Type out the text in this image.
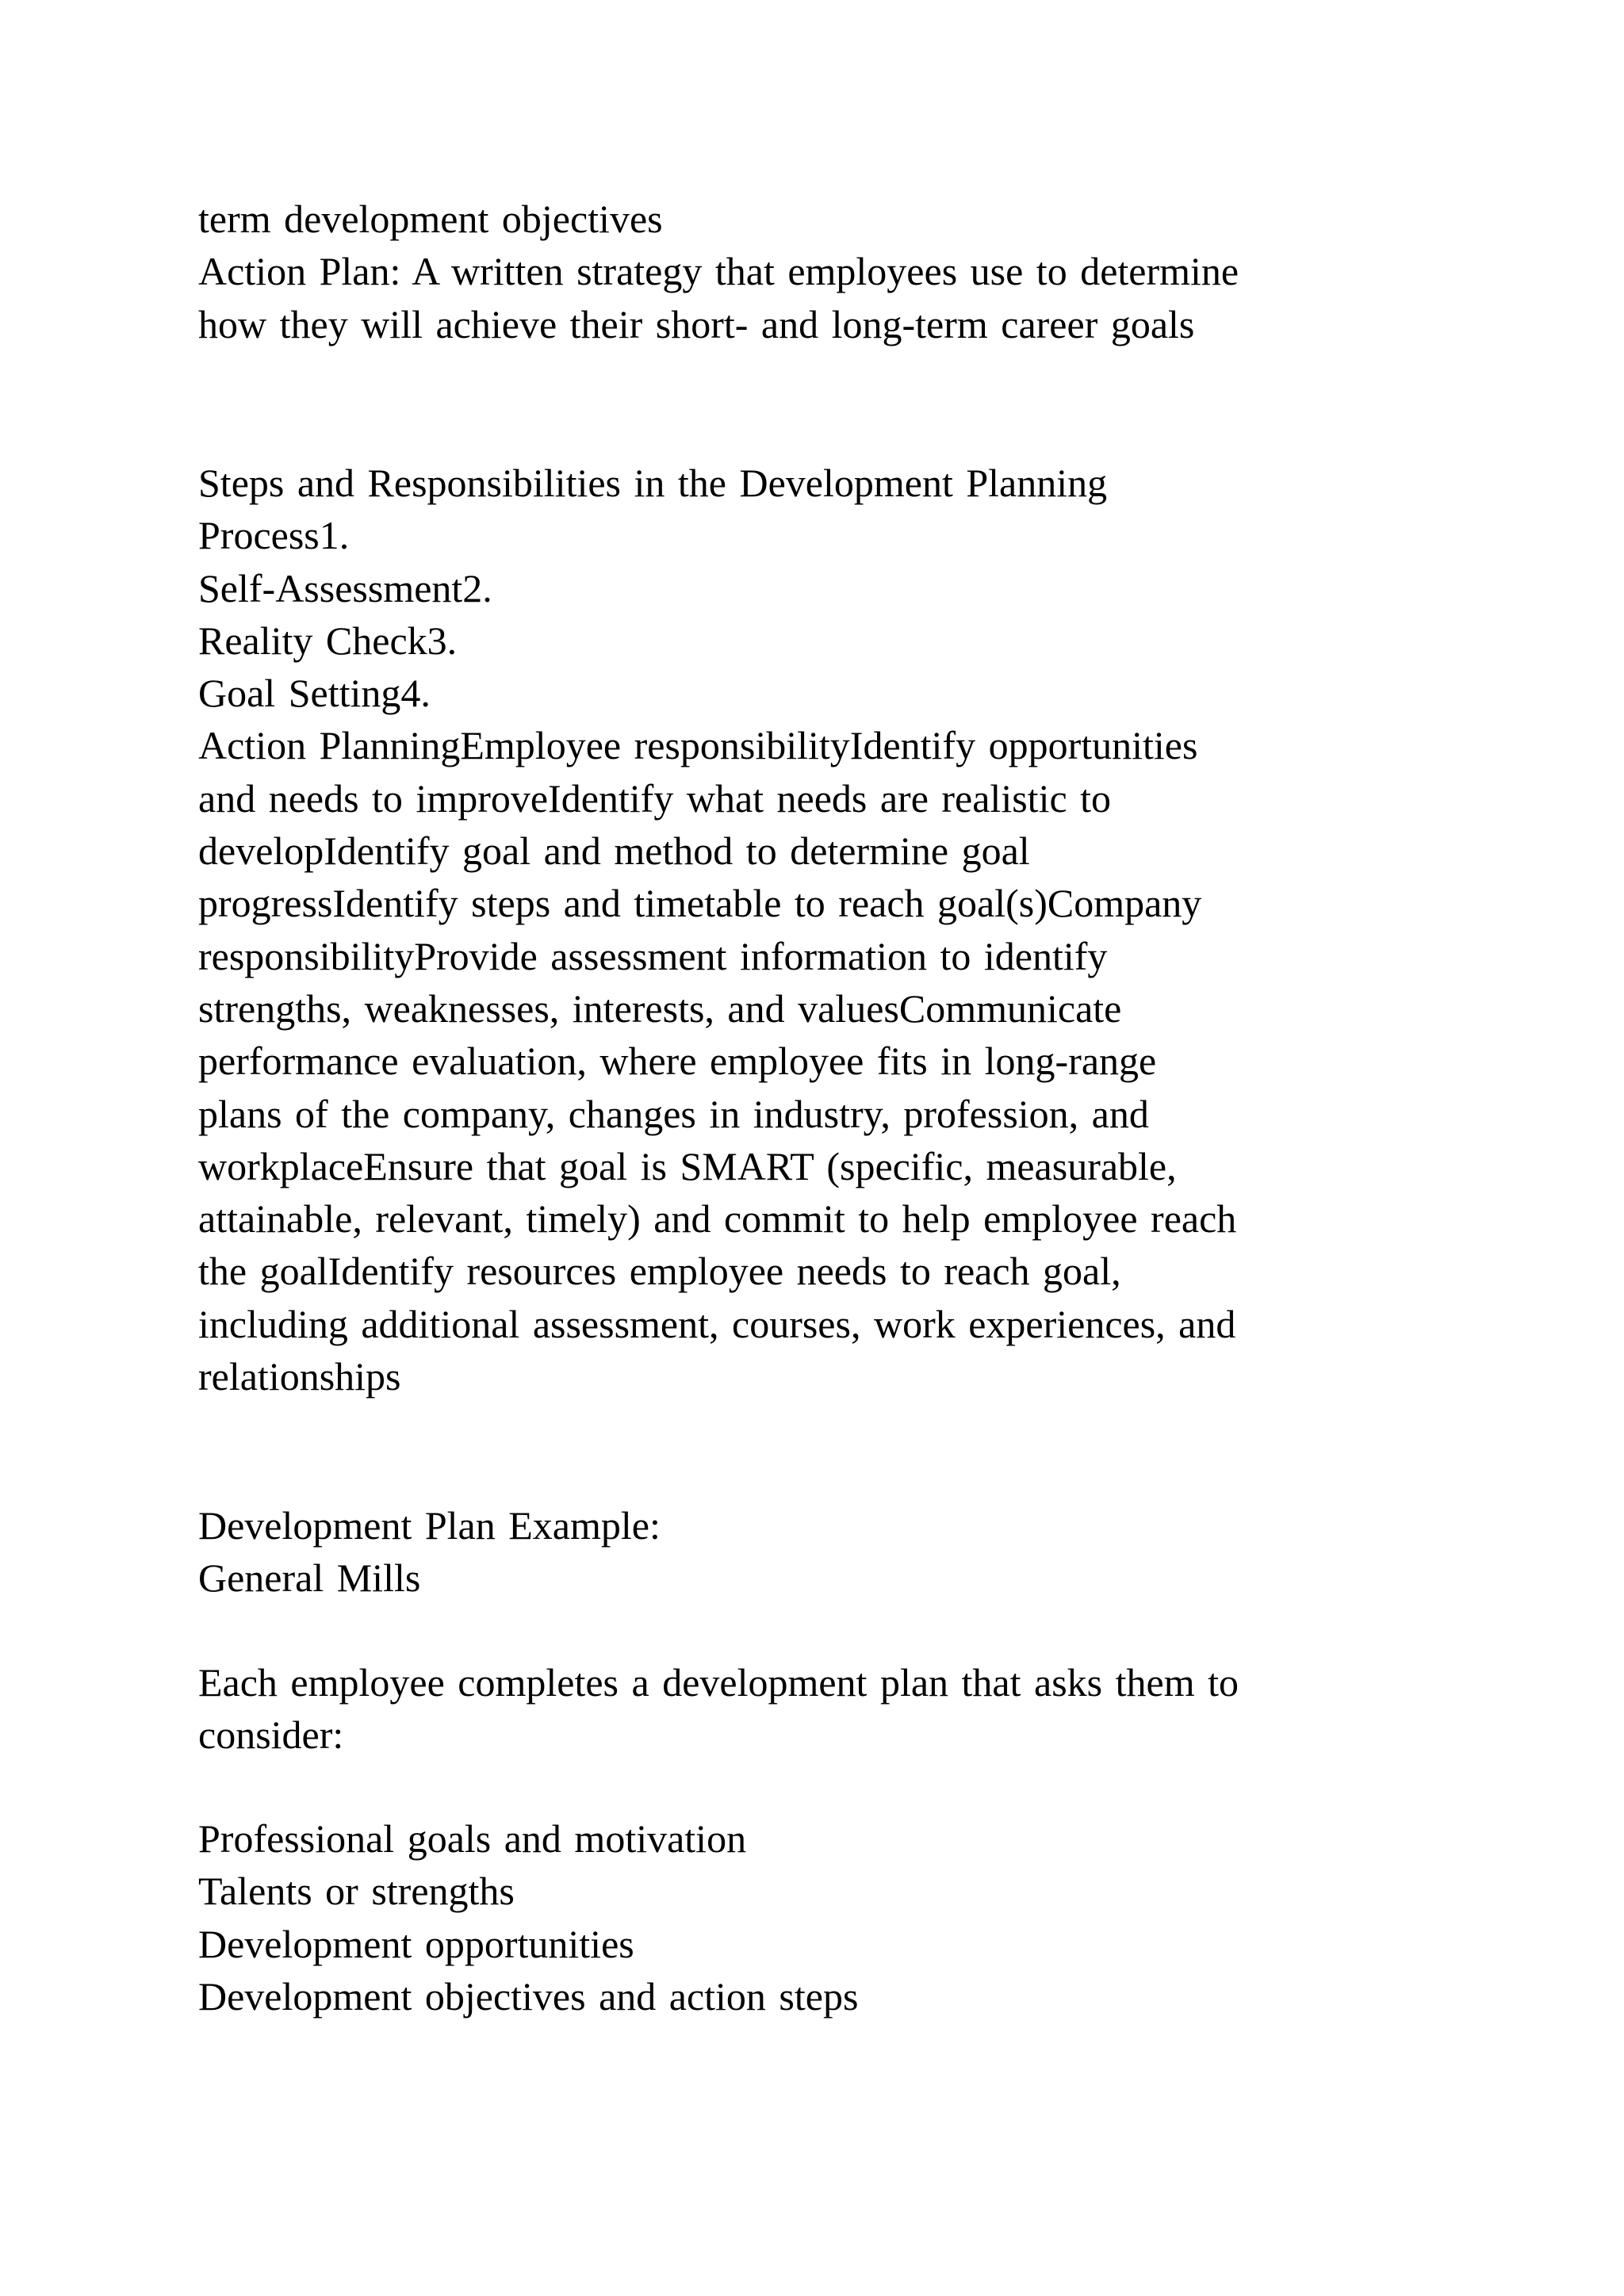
term development objectives
Action Plan: A written strategy that employees use to determine
how they will achieve their short- and long-term career goals
Steps and Responsibilities in the Development Planning
Process1.
Self-Assessment2.
Reality Check3.
Goal Setting4.
Action PlanningEmployee responsibilityIdentify opportunities
and needs to improveIdentify what needs are realistic to
developIdentify goal and method to determine goal
progressIdentify steps and timetable to reach goal(s)Company
responsibilityProvide assessment information to identify
strengths, weaknesses, interests, and valuesCommunicate
performance evaluation, where employee fits in long-range
plans of the company, changes in industry, profession, and
workplaceEnsure that goal is SMART (specific, measurable,
attainable, relevant, timely) and commit to help employee reach
the goalIdentify resources employee needs to reach goal,
including additional assessment, courses, work experiences, and
relationships
Development Plan Example:
General Mills
Each employee completes a development plan that asks them to
consider:
Professional goals and motivation
Talents or strengths
Development opportunities
Development objectives and action steps
